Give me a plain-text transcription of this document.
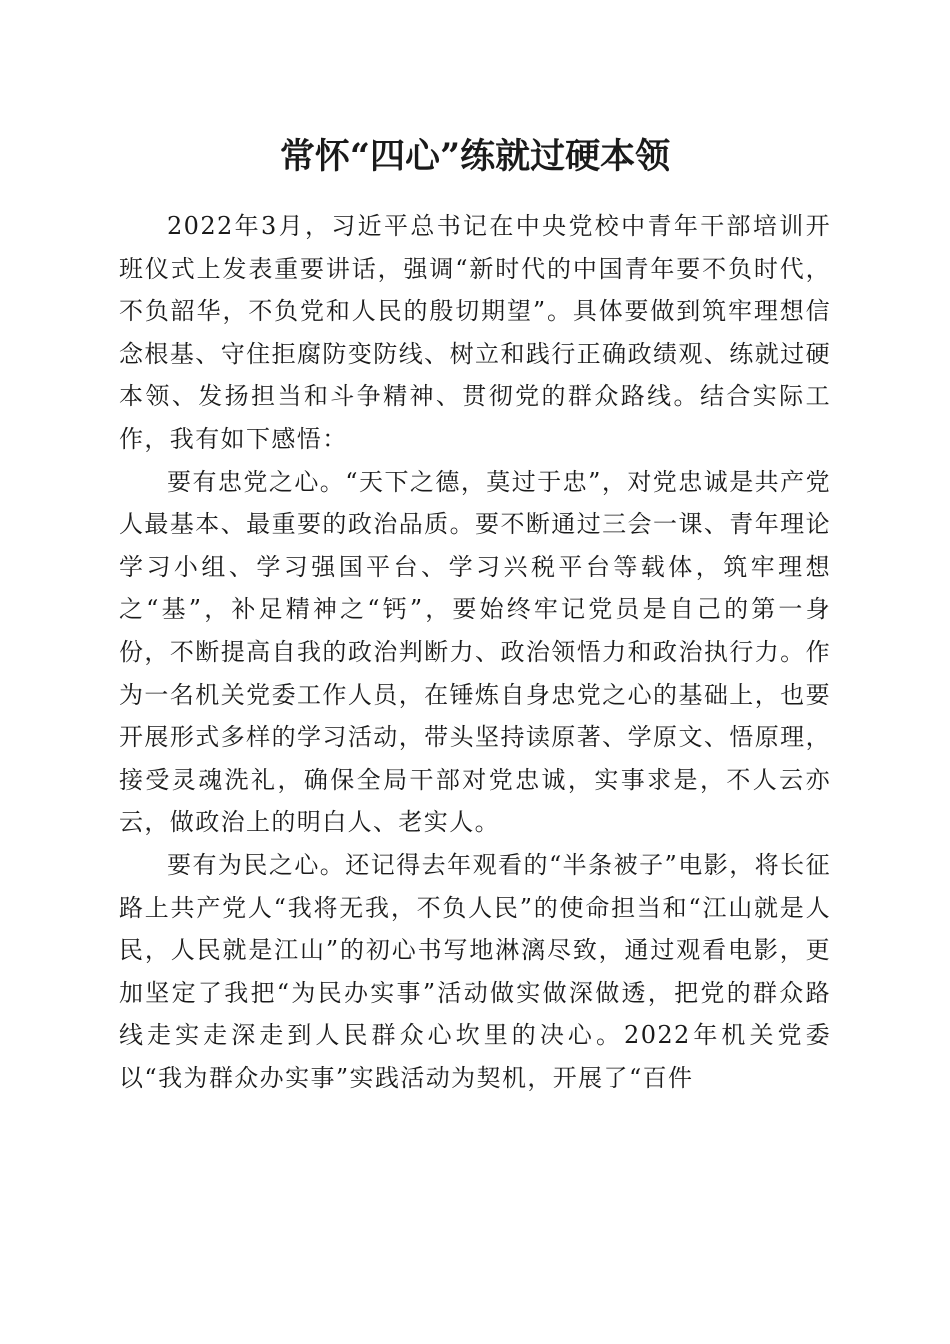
常怀“四心”练就过硬本领

2022年3月，习近平总书记在中央党校中青年干部培训开班仪式上发表重要讲话，强调“新时代的中国青年要不负时代，不负韶华，不负党和人民的殷切期望”。具体要做到筑牢理想信念根基、守住拒腐防变防线、树立和践行正确政绩观、练就过硬本领、发扬担当和斗争精神、贯彻党的群众路线。结合实际工作，我有如下感悟：

要有忠党之心。“天下之德，莫过于忠”，对党忠诚是共产党人最基本、最重要的政治品质。要不断通过三会一课、青年理论学习小组、学习强国平台、学习兴税平台等载体，筑牢理想之“基”，补足精神之“钙”，要始终牢记党员是自己的第一身份，不断提高自我的政治判断力、政治领悟力和政治执行力。作为一名机关党委工作人员，在锤炼自身忠党之心的基础上，也要开展形式多样的学习活动，带头坚持读原著、学原文、悟原理，接受灵魂洗礼，确保全局干部对党忠诚，实事求是，不人云亦云，做政治上的明白人、老实人。

要有为民之心。还记得去年观看的“半条被子”电影，将长征路上共产党人“我将无我，不负人民”的使命担当和“江山就是人民，人民就是江山”的初心书写地淋漓尽致，通过观看电影，更加坚定了我把“为民办实事”活动做实做深做透，把党的群众路线走实走深走到人民群众心坎里的决心。2022年机关党委以“我为群众办实事”实践活动为契机，开展了“百件
